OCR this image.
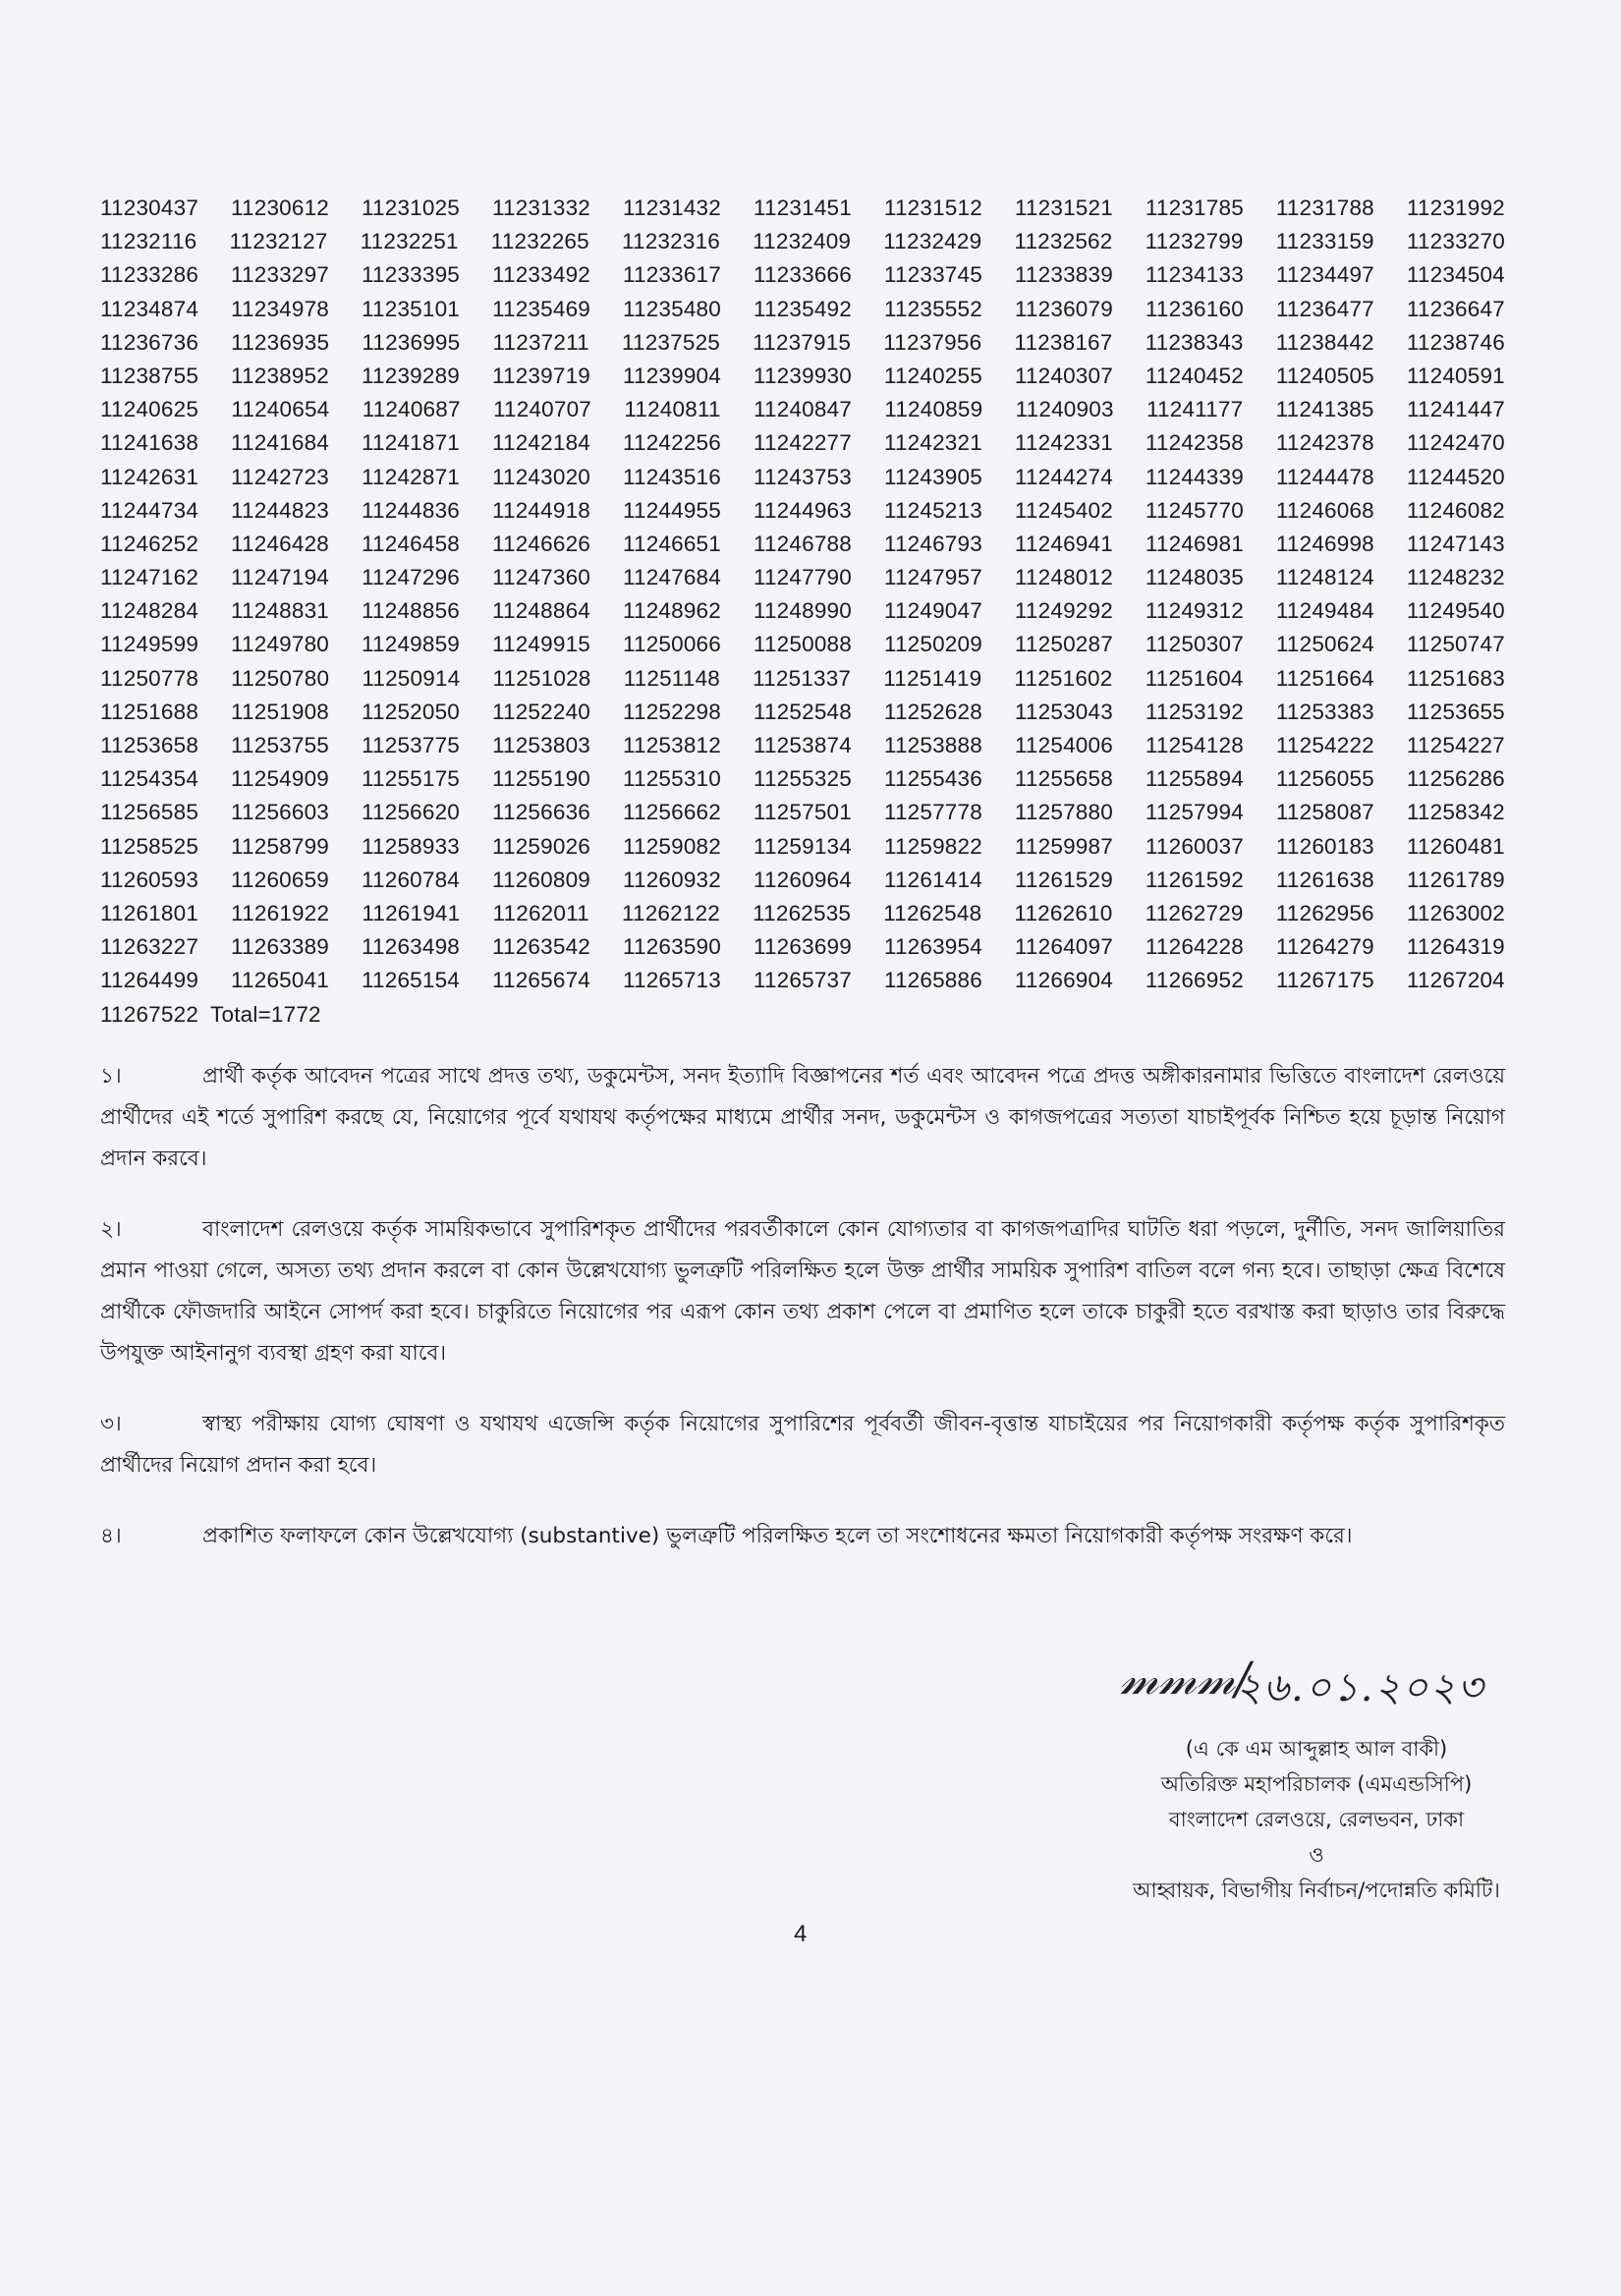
11230437 11230612 11231025 11231332 11231432 11231451 11231512 11231521 11231785 11231788 11231992
11232116 11232127 11232251 11232265 11232316 11232409 11232429 11232562 11232799 11233159 11233270
11233286 11233297 11233395 11233492 11233617 11233666 11233745 11233839 11234133 11234497 11234504
11234874 11234978 11235101 11235469 11235480 11235492 11235552 11236079 11236160 11236477 11236647
11236736 11236935 11236995 11237211 11237525 11237915 11237956 11238167 11238343 11238442 11238746
11238755 11238952 11239289 11239719 11239904 11239930 11240255 11240307 11240452 11240505 11240591
11240625 11240654 11240687 11240707 11240811 11240847 11240859 11240903 11241177 11241385 11241447
11241638 11241684 11241871 11242184 11242256 11242277 11242321 11242331 11242358 11242378 11242470
11242631 11242723 11242871 11243020 11243516 11243753 11243905 11244274 11244339 11244478 11244520
11244734 11244823 11244836 11244918 11244955 11244963 11245213 11245402 11245770 11246068 11246082
11246252 11246428 11246458 11246626 11246651 11246788 11246793 11246941 11246981 11246998 11247143
11247162 11247194 11247296 11247360 11247684 11247790 11247957 11248012 11248035 11248124 11248232
11248284 11248831 11248856 11248864 11248962 11248990 11249047 11249292 11249312 11249484 11249540
11249599 11249780 11249859 11249915 11250066 11250088 11250209 11250287 11250307 11250624 11250747
11250778 11250780 11250914 11251028 11251148 11251337 11251419 11251602 11251604 11251664 11251683
11251688 11251908 11252050 11252240 11252298 11252548 11252628 11253043 11253192 11253383 11253655
11253658 11253755 11253775 11253803 11253812 11253874 11253888 11254006 11254128 11254222 11254227
11254354 11254909 11255175 11255190 11255310 11255325 11255436 11255658 11255894 11256055 11256286
11256585 11256603 11256620 11256636 11256662 11257501 11257778 11257880 11257994 11258087 11258342
11258525 11258799 11258933 11259026 11259082 11259134 11259822 11259987 11260037 11260183 11260481
11260593 11260659 11260784 11260809 11260932 11260964 11261414 11261529 11261592 11261638 11261789
11261801 11261922 11261941 11262011 11262122 11262535 11262548 11262610 11262729 11262956 11263002
11263227 11263389 11263498 11263542 11263590 11263699 11263954 11264097 11264228 11264279 11264319
11264499 11265041 11265154 11265674 11265713 11265737 11265886 11266904 11266952 11267175 11267204
11267522 Total=1772

১।	প্রার্থী কর্তৃক আবেদন পত্রের সাথে প্রদত্ত তথ্য, ডকুমেন্টস, সনদ ইত্যাদি বিজ্ঞাপনের শর্ত এবং আবেদন পত্রে প্রদত্ত অঙ্গীকারনামার ভিত্তিতে বাংলাদেশ রেলওয়ে প্রার্থীদের এই শর্তে সুপারিশ করছে যে, নিয়োগের পূর্বে যথাযথ কর্তৃপক্ষের মাধ্যমে প্রার্থীর সনদ, ডকুমেন্টস ও কাগজপত্রের সত্যতা যাচাইপূর্বক নিশ্চিত হয়ে চূড়ান্ত নিয়োগ প্রদান করবে।

২।	বাংলাদেশ রেলওয়ে কর্তৃক সাময়িকভাবে সুপারিশকৃত প্রার্থীদের পরবর্তীকালে কোন যোগ্যতার বা কাগজপত্রাদির ঘাটতি ধরা পড়লে, দুর্নীতি, সনদ জালিয়াতির প্রমান পাওয়া গেলে, অসত্য তথ্য প্রদান করলে বা কোন উল্লেখযোগ্য ভুলত্রুটি পরিলক্ষিত হলে উক্ত প্রার্থীর সাময়িক সুপারিশ বাতিল বলে গন্য হবে। তাছাড়া ক্ষেত্র বিশেষে প্রার্থীকে ফৌজদারি আইনে সোপর্দ করা হবে। চাকুরিতে নিয়োগের পর এরূপ কোন তথ্য প্রকাশ পেলে বা প্রমাণিত হলে তাকে চাকুরী হতে বরখাস্ত করা ছাড়াও তার বিরুদ্ধে উপযুক্ত আইনানুগ ব্যবস্থা গ্রহণ করা যাবে।

৩।	স্বাস্থ্য পরীক্ষায় যোগ্য ঘোষণা ও যথাযথ এজেন্সি কর্তৃক নিয়োগের সুপারিশের পূর্ববর্তী জীবন-বৃত্তান্ত যাচাইয়ের পর নিয়োগকারী কর্তৃপক্ষ কর্তৃক সুপারিশকৃত প্রার্থীদের নিয়োগ প্রদান করা হবে।

৪।	প্রকাশিত ফলাফলে কোন উল্লেখযোগ্য (substantive) ভুলত্রুটি পরিলক্ষিত হলে তা সংশোধনের ক্ষমতা নিয়োগকারী কর্তৃপক্ষ সংরক্ষণ করে।

𝓂𝓂𝓂/
২৬.০১.২০২৩
(এ কে এম আব্দুল্লাহ আল বাকী)
অতিরিক্ত মহাপরিচালক (এমএন্ডসিপি)
বাংলাদেশ রেলওয়ে, রেলভবন, ঢাকা
ও
আহ্বায়ক, বিভাগীয় নির্বাচন/পদোন্নতি কমিটি।
4
